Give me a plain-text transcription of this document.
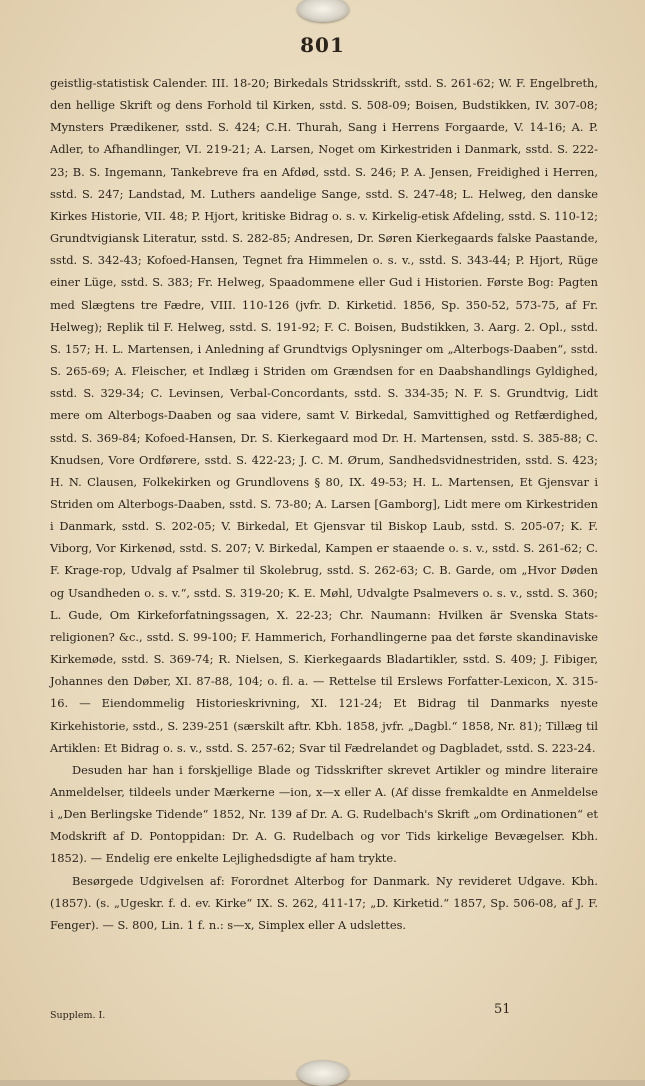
801

geistlig-statistisk Calender. III. 18-20; Birkedals Stridsskrift, sstd. S. 261-62; W. F. Engelbreth, den hellige Skrift og dens Forhold til Kirken, sstd. S. 508-09; Boisen, Budstikken, IV. 307-08; Mynsters Prædikener, sstd. S. 424; C.H. Thurah, Sang i Herrens Forgaarde, V. 14-16; A. P. Adler, to Afhandlinger, VI. 219-21; A. Larsen, Noget om Kirkestriden i Danmark, sstd. S. 222-23; B. S. Ingemann, Tankebreve fra en Afdød, sstd. S. 246; P. A. Jensen, Freidighed i Herren, sstd. S. 247; Landstad, M. Luthers aandelige Sange, sstd. S. 247-48; L. Helweg, den danske Kirkes Historie, VII. 48; P. Hjort, kritiske Bidrag o. s. v. Kirkelig-etisk Afdeling, sstd. S. 110-12; Grundtvigiansk Literatur, sstd. S. 282-85; Andresen, Dr. Søren Kierkegaards falske Paastande, sstd. S. 342-43; Kofoed-Hansen, Tegnet fra Himmelen o. s. v., sstd. S. 343-44; P. Hjort, Rüge einer Lüge, sstd. S. 383; Fr. Helweg, Spaadommene eller Gud i Historien. Første Bog: Pagten med Slægtens tre Fædre, VIII. 110-126 (jvfr. D. Kirketid. 1856, Sp. 350-52, 573-75, af Fr. Helweg); Replik til F. Helweg, sstd. S. 191-92; F. C. Boisen, Budstikken, 3. Aarg. 2. Opl., sstd. S. 157; H. L. Martensen, i Anledning af Grundtvigs Oplysninger om „Alterbogs-Daaben“, sstd. S. 265-69; A. Fleischer, et Indlæg i Striden om Grændsen for en Daabshandlings Gyldighed, sstd. S. 329-34; C. Levinsen, Verbal-Concordants, sstd. S. 334-35; N. F. S. Grundtvig, Lidt mere om Alterbogs-Daaben og saa videre, samt V. Birkedal, Samvittighed og Retfærdighed, sstd. S. 369-84; Kofoed-Hansen, Dr. S. Kierkegaard mod Dr. H. Martensen, sstd. S. 385-88; C. Knudsen, Vore Ordførere, sstd. S. 422-23; J. C. M. Ørum, Sandhedsvidnestriden, sstd. S. 423; H. N. Clausen, Folkekirken og Grundlovens § 80, IX. 49-53; H. L. Martensen, Et Gjensvar i Striden om Alterbogs-Daaben, sstd. S. 73-80; A. Larsen [Gamborg], Lidt mere om Kirkestriden i Danmark, sstd. S. 202-05; V. Birkedal, Et Gjensvar til Biskop Laub, sstd. S. 205-07; K. F. Viborg, Vor Kirkenød, sstd. S. 207; V. Birkedal, Kampen er staaende o. s. v., sstd. S. 261-62; C. F. Krage-rop, Udvalg af Psalmer til Skolebrug, sstd. S. 262-63; C. B. Garde, om „Hvor Døden og Usandheden o. s. v.“, sstd. S. 319-20; K. E. Møhl, Udvalgte Psalmevers o. s. v., sstd. S. 360; L. Gude, Om Kirkeforfatningssagen, X. 22-23; Chr. Naumann: Hvilken är Svenska Stats-religionen? &c., sstd. S. 99-100; F. Hammerich, Forhandlingerne paa det første skandinaviske Kirkemøde, sstd. S. 369-74; R. Nielsen, S. Kierkegaards Bladartikler, sstd. S. 409; J. Fibiger, Johannes den Døber, XI. 87-88, 104; o. fl. a. — Rettelse til Erslews Forfatter-Lexicon, X. 315-16. — Eiendommelig Historieskrivning, XI. 121-24; Et Bidrag til Danmarks nyeste Kirkehistorie, sstd., S. 239-251 (særskilt aftr. Kbh. 1858, jvfr. „Dagbl.“ 1858, Nr. 81); Tillæg til Artiklen: Et Bidrag o. s. v., sstd. S. 257-62; Svar til Fædrelandet og Dagbladet, sstd. S. 223-24.

Desuden har han i forskjellige Blade og Tidsskrifter skrevet Artikler og mindre literaire Anmeldelser, tildeels under Mærkerne —ion, x—x eller A. (Af disse fremkaldte en Anmeldelse i „Den Berlingske Tidende“ 1852, Nr. 139 af Dr. A. G. Rudelbach's Skrift „om Ordinationen“ et Modskrift af D. Pontoppidan: Dr. A. G. Rudelbach og vor Tids kirkelige Bevægelser. Kbh. 1852). — Endelig ere enkelte Lejlighedsdigte af ham trykte.

Besørgede Udgivelsen af: Forordnet Alterbog for Danmark. Ny revideret Udgave. Kbh. (1857). (s. „Ugeskr. f. d. ev. Kirke“ IX. S. 262, 411-17; „D. Kirketid.“ 1857, Sp. 506-08, af J. F. Fenger). — S. 800, Lin. 1 f. n.: s—x, Simplex eller A udslettes.

Supplem. I.	51
